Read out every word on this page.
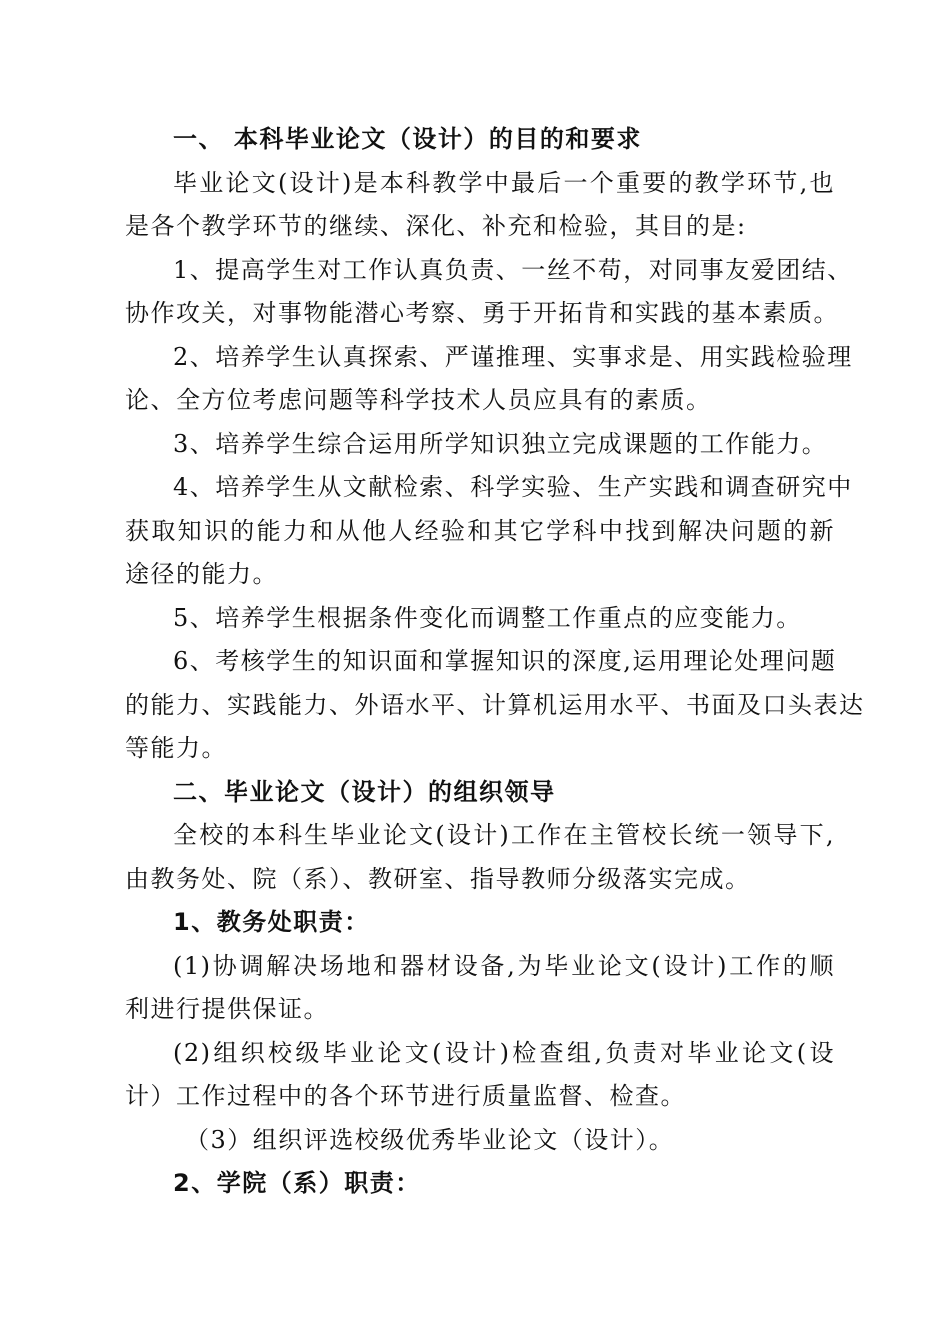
一、 本科毕业论文（设计）的目的和要求
毕业论文(设计)是本科教学中最后一个重要的教学环节,也
是各个教学环节的继续、深化、补充和检验，其目的是:
1、提高学生对工作认真负责、一丝不苟，对同事友爱团结、
协作攻关，对事物能潜心考察、勇于开拓肯和实践的基本素质。
2、培养学生认真探索、严谨推理、实事求是、用实践检验理
论、全方位考虑问题等科学技术人员应具有的素质。
3、培养学生综合运用所学知识独立完成课题的工作能力。
4、培养学生从文献检索、科学实验、生产实践和调查研究中
获取知识的能力和从他人经验和其它学科中找到解决问题的新
途径的能力。
5、培养学生根据条件变化而调整工作重点的应变能力。
6、考核学生的知识面和掌握知识的深度,运用理论处理问题
的能力、实践能力、外语水平、计算机运用水平、书面及口头表达
等能力。
二、毕业论文（设计）的组织领导
全校的本科生毕业论文(设计)工作在主管校长统一领导下,
由教务处、院（系）、教研室、指导教师分级落实完成。
1、教务处职责：
(1)协调解决场地和器材设备,为毕业论文(设计)工作的顺
利进行提供保证。
(2)组织校级毕业论文(设计)检查组,负责对毕业论文(设
计）工作过程中的各个环节进行质量监督、检查。
（3）组织评选校级优秀毕业论文（设计）。
2、学院（系）职责：
